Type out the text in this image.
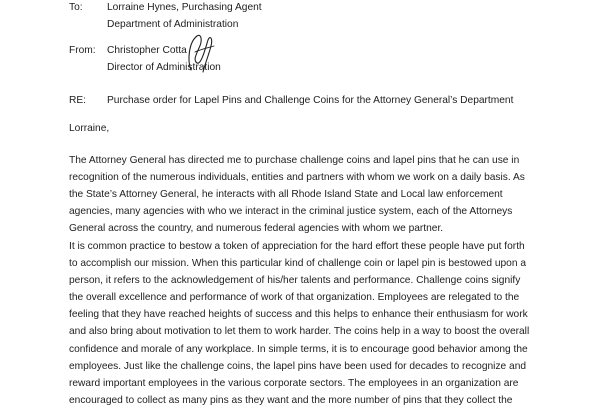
To: Lorraine Hynes, Purchasing Agent
Department of Administration
From: Christopher Cotta
Director of Administration
RE: Purchase order for Lapel Pins and Challenge Coins for the Attorney General’s Department
Lorraine,
The Attorney General has directed me to purchase challenge coins and lapel pins that he can use in
recognition of the numerous individuals, entities and partners with whom we work on a daily basis. As
the State’s Attorney General, he interacts with all Rhode Island State and Local law enforcement
agencies, many agencies with who we interact in the criminal justice system, each of the Attorneys
General across the country, and numerous federal agencies with whom we partner.
It is common practice to bestow a token of appreciation for the hard effort these people have put forth
to accomplish our mission. When this particular kind of challenge coin or lapel pin is bestowed upon a
person, it refers to the acknowledgement of his/her talents and performance. Challenge coins signify
the overall excellence and performance of work of that organization. Employees are relegated to the
feeling that they have reached heights of success and this helps to enhance their enthusiasm for work
and also bring about motivation to let them to work harder. The coins help in a way to boost the overall
confidence and morale of any workplace. In simple terms, it is to encourage good behavior among the
employees. Just like the challenge coins, the lapel pins have been used for decades to recognize and
reward important employees in the various corporate sectors. The employees in an organization are
encouraged to collect as many pins as they want and the more number of pins that they collect the
